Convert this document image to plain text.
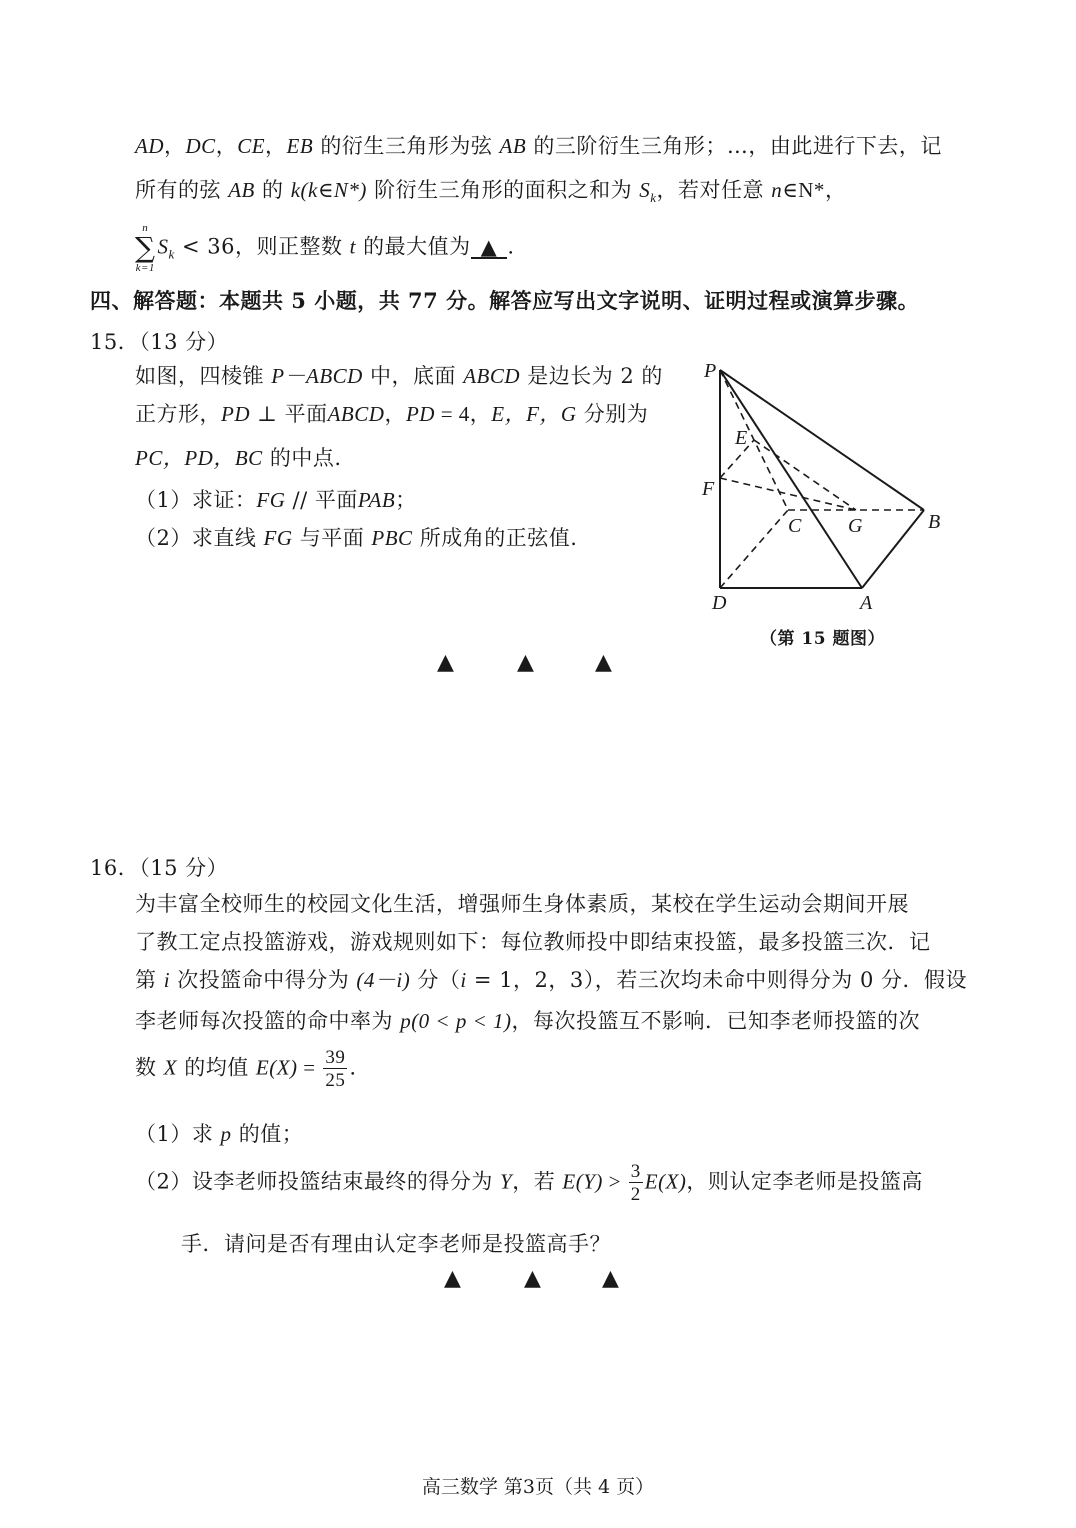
AD，DC，CE，EB 的衍生三角形为弦 AB 的三阶衍生三角形；…，由此进行下去，记
所有的弦 AB 的 k(k∈N*) 阶衍生三角形的面积之和为 $S_k$，若对任意 n∈N*，
n
∑
k=1
$S_k < 36$，则正整数 t 的最大值为 ▲ .
四、解答题：本题共 5 小题，共 77 分。解答应写出文字说明、证明过程或演算步骤。
15．（13 分）
如图，四棱锥 P－ABCD 中，底面 ABCD 是边长为 2 的
正方形，PD ⊥ 平面ABCD，PD = 4，E，F，G 分别为
PC，PD，BC 的中点.
（1）求证：FG // 平面PAB；
（2）求直线 FG 与平面 PBC 所成角的正弦值.
P
E
F
C G	B
D	A
（第 15 题图）
▲	▲	▲
16．（15 分）
为丰富全校师生的校园文化生活，增强师生身体素质，某校在学生运动会期间开展
了教工定点投篮游戏，游戏规则如下：每位教师投中即结束投篮，最多投篮三次．记
第 i 次投篮命中得分为 (4－i) 分（i = 1，2，3），若三次均未命中则得分为 0 分．假设
李老师每次投篮的命中率为 p(0 < p < 1)，每次投篮互不影响．已知李老师投篮的次
数 X 的均值 $E(X) = \frac{39}{25}$ .
（1）求 p 的值；
（2）设李老师投篮结束最终的得分为 Y，若 $E(Y) > \frac{3}{2} E(X)$，则认定李老师是投篮高
手．请问是否有理由认定李老师是投篮高手？
▲	▲	▲
高三数学 第3页（共 4 页）
